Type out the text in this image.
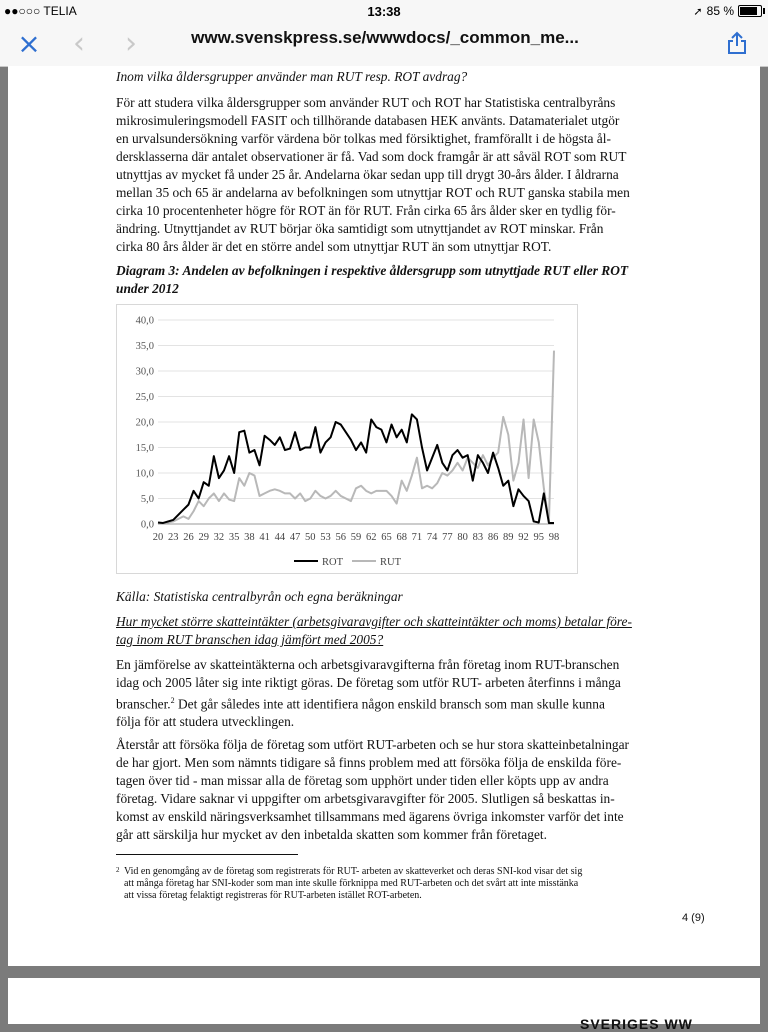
●●○○○ TELIA	13:38	➚ 85 %
×	‹	›	www.svenskpress.se/wwwdocs/_common_me...
Inom vilka åldersgrupper använder man RUT resp. ROT avdrag?
För att studera vilka åldersgrupper som använder RUT och ROT har Statistiska centralbyråns
mikrosimuleringsmodell FASIT och tillhörande databasen HEK använts. Datamaterialet utgör
en urvalsundersökning varför värdena bör tolkas med försiktighet, framförallt i de högsta ål-
dersklasserna där antalet observationer är få. Vad som dock framgår är att såväl ROT som RUT
utnyttjas av mycket få under 25 år. Andelarna ökar sedan upp till drygt 30-års ålder. I åldrarna
mellan 35 och 65 är andelarna av befolkningen som utnyttjar ROT och RUT ganska stabila men
cirka 10 procentenheter högre för ROT än för RUT. Från cirka 65 års ålder sker en tydlig för-
ändring. Utnyttjandet av RUT börjar öka samtidigt som utnyttjandet av ROT minskar. Från
cirka 80 års ålder är det en större andel som utnyttjar RUT än som utnyttjar ROT.
Diagram 3: Andelen av befolkningen i respektive åldersgrupp som utnyttjade RUT eller ROT
under 2012
0,0
5,0
10,0
15,0
20,0
25,0
30,0
35,0
40,0
20 23 26 29 32 35 38 41 44 47 50 53 56 59 62 65 68 71 74 77 80 83 86 89 92 95 98
ROT	RUT
Källa: Statistiska centralbyrån och egna beräkningar
Hur mycket större skatteintäkter (arbetsgivaravgifter och skatteintäkter och moms) betalar före-
tag inom RUT branschen idag jämfört med 2005?
En jämförelse av skatteintäkterna och arbetsgivaravgifterna från företag inom RUT-branschen
idag och 2005 låter sig inte riktigt göras. De företag som utför RUT- arbeten återfinns i många
branscher.$^2$ Det går således inte att identifiera någon enskild bransch som man skulle kunna
följa för att studera utvecklingen.
Återstår att försöka följa de företag som utfört RUT-arbeten och se hur stora skatteinbetalningar
de har gjort. Men som nämnts tidigare så finns problem med att försöka följa de enskilda före-
tagen över tid - man missar alla de företag som upphört under tiden eller köpts upp av andra
företag. Vidare saknar vi uppgifter om arbetsgivaravgifter för 2005. Slutligen så beskattas in-
komst av enskild näringsverksamhet tillsammans med ägarens övriga inkomster varför det inte
går att särskilja hur mycket av den inbetalda skatten som kommer från företaget.
2 Vid en genomgång av de företag som registrerats för RUT- arbeten av skatteverket och deras SNI-kod visar det sig
att många företag har SNI-koder som man inte skulle förknippa med RUT-arbeten och det svårt att inte misstänka
att vissa företag felaktigt registreras för RUT-arbeten istället ROT-arbeten.
4 (9)
SVERIGES WW
